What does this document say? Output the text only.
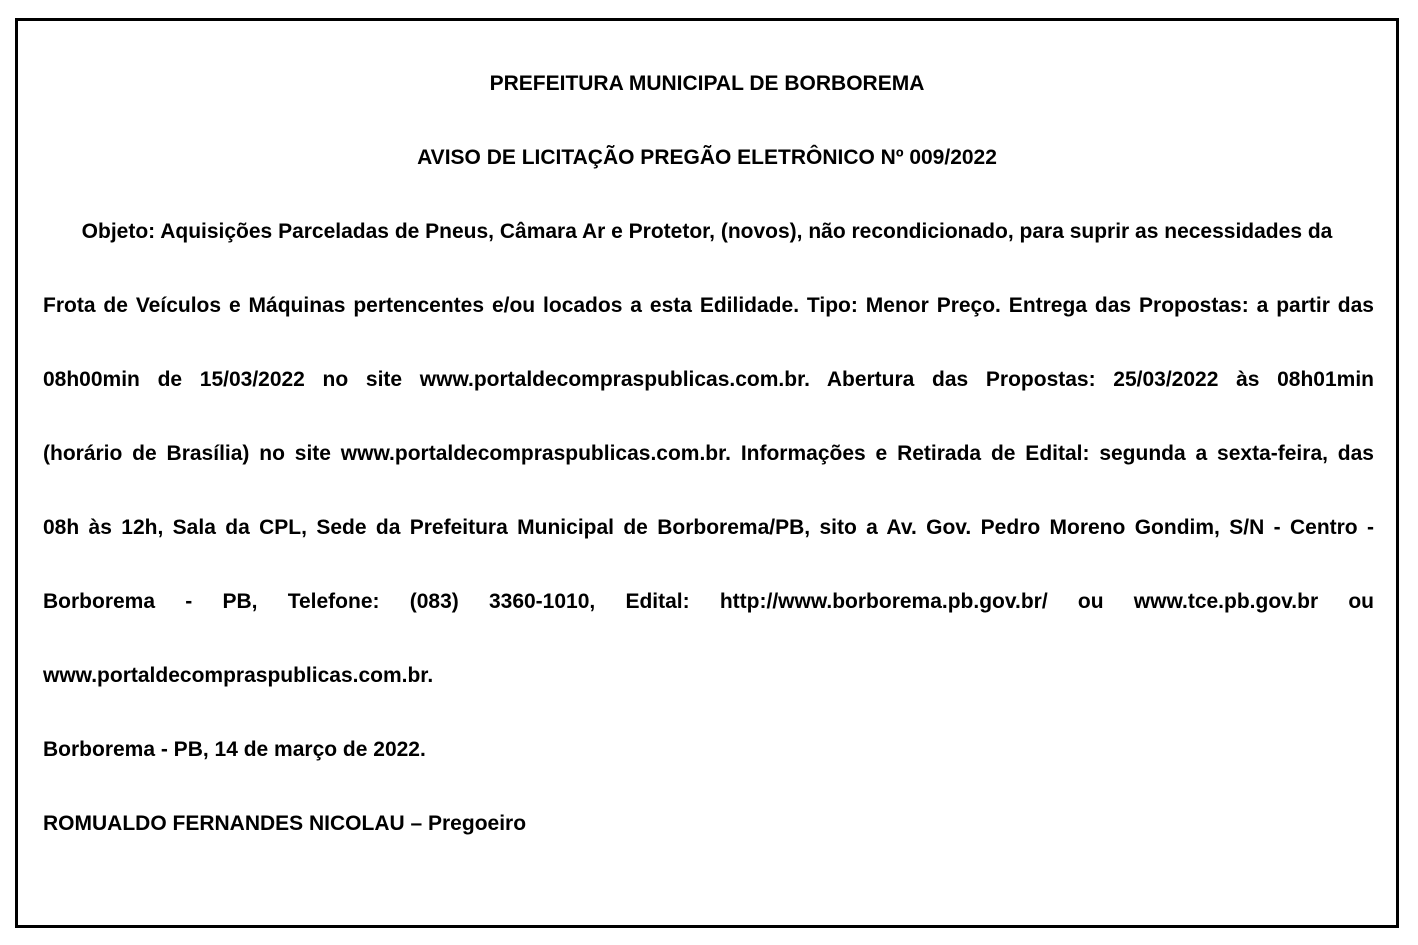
PREFEITURA MUNICIPAL DE BORBOREMA
AVISO DE LICITAÇÃO PREGÃO ELETRÔNICO Nº 009/2022
Objeto: Aquisições Parceladas de Pneus, Câmara Ar e Protetor, (novos), não recondicionado, para suprir as necessidades da
Frota de Veículos e Máquinas pertencentes e/ou locados a esta Edilidade. Tipo: Menor Preço. Entrega das Propostas: a partir das
08h00min de 15/03/2022 no site www.portaldecompraspublicas.com.br. Abertura das Propostas: 25/03/2022 às 08h01min
(horário de Brasília) no site www.portaldecompraspublicas.com.br. Informações e Retirada de Edital: segunda a sexta-feira, das
08h às 12h, Sala da CPL, Sede da Prefeitura Municipal de Borborema/PB, sito a Av. Gov. Pedro Moreno Gondim, S/N - Centro -
Borborema - PB, Telefone: (083) 3360-1010, Edital: http://www.borborema.pb.gov.br/ ou www.tce.pb.gov.br ou
www.portaldecompraspublicas.com.br.
Borborema - PB, 14 de março de 2022.
ROMUALDO FERNANDES NICOLAU – Pregoeiro
